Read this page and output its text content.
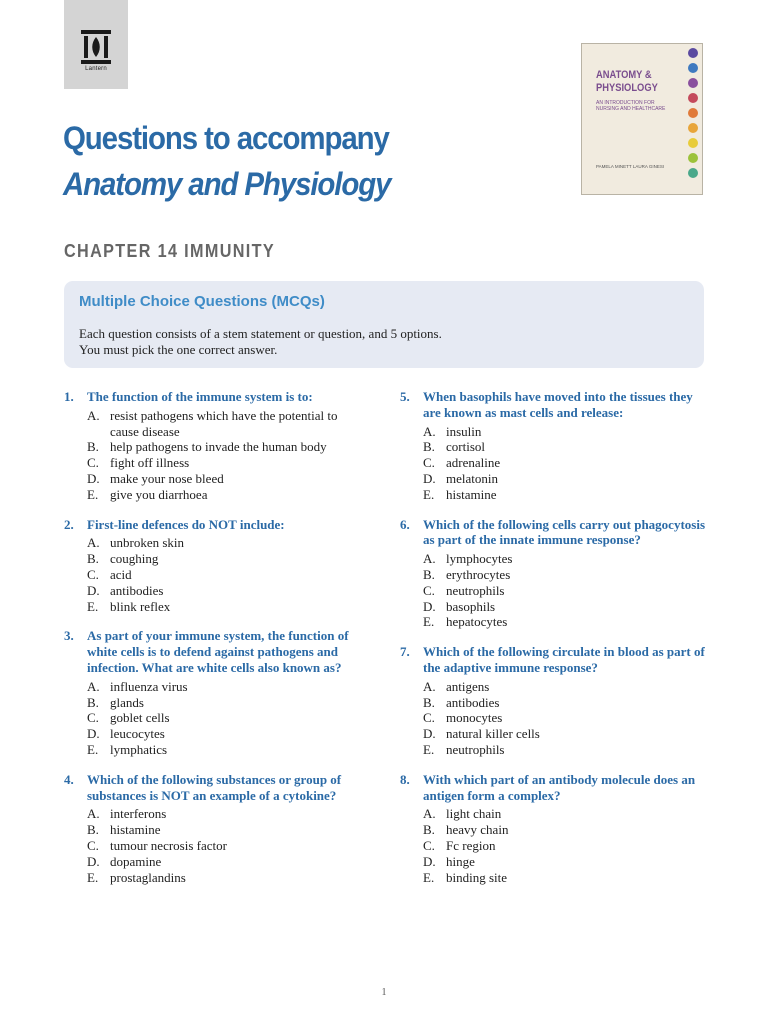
Lantern
Questions to accompany
Anatomy and Physiology
ANATOMY & PHYSIOLOGY
AN INTRODUCTION FOR NURSING AND HEALTHCARE
PAMELA MINETT LAURA GINESI
CHAPTER 14 IMMUNITY
Multiple Choice Questions (MCQs)

Each question consists of a stem statement or question, and 5 options.
You must pick the one correct answer.

1.	The function of the immune system is to:
A. resist pathogens which have the potential to cause disease
B. help pathogens to invade the human body
C. fight off illness
D. make your nose bleed
E. give you diarrhoea
2.	First-line defences do NOT include:
A. unbroken skin
B. coughing
C. acid
D. antibodies
E. blink reflex
3.	As part of your immune system, the function of white cells is to defend against pathogens and infection. What are white cells also known as?
A. influenza virus
B. glands
C. goblet cells
D. leucocytes
E. lymphatics
4.	Which of the following substances or group of substances is NOT an example of a cytokine?
A. interferons
B. histamine
C. tumour necrosis factor
D. dopamine
E. prostaglandins
5.	When basophils have moved into the tissues they are known as mast cells and release:
A. insulin
B. cortisol
C. adrenaline
D. melatonin
E. histamine
6.	Which of the following cells carry out phagocytosis as part of the innate immune response?
A. lymphocytes
B. erythrocytes
C. neutrophils
D. basophils
E. hepatocytes
7.	Which of the following circulate in blood as part of the adaptive immune response?
A. antigens
B. antibodies
C. monocytes
D. natural killer cells
E. neutrophils
8.	With which part of an antibody molecule does an antigen form a complex?
A. light chain
B. heavy chain
C. Fc region
D. hinge
E. binding site
1
